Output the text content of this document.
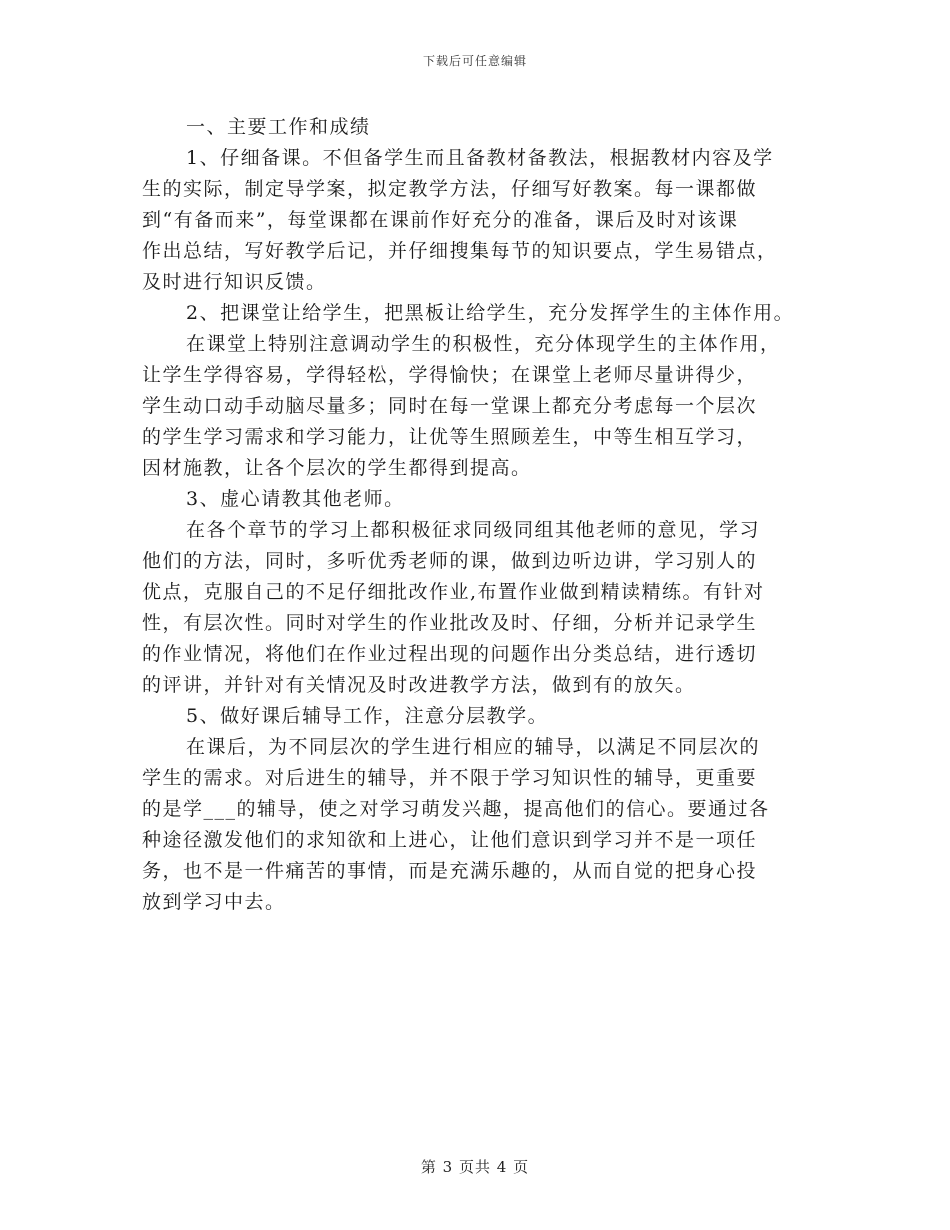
下载后可任意编辑
一、主要工作和成绩
1、仔细备课。不但备学生而且备教材备教法，根据教材内容及学
生的实际，制定导学案，拟定教学方法，仔细写好教案。每一课都做
到“有备而来”，每堂课都在课前作好充分的准备，课后及时对该课
作出总结，写好教学后记，并仔细搜集每节的知识要点，学生易错点，
及时进行知识反馈。
2、把课堂让给学生，把黑板让给学生，充分发挥学生的主体作用。
在课堂上特别注意调动学生的积极性，充分体现学生的主体作用，
让学生学得容易，学得轻松，学得愉快；在课堂上老师尽量讲得少，
学生动口动手动脑尽量多；同时在每一堂课上都充分考虑每一个层次
的学生学习需求和学习能力，让优等生照顾差生，中等生相互学习，
因材施教，让各个层次的学生都得到提高。
3、虚心请教其他老师。
在各个章节的学习上都积极征求同级同组其他老师的意见，学习
他们的方法，同时，多听优秀老师的课，做到边听边讲，学习别人的
优点，克服自己的不足仔细批改作业,布置作业做到精读精练。有针对
性，有层次性。同时对学生的作业批改及时、仔细，分析并记录学生
的作业情况，将他们在作业过程出现的问题作出分类总结，进行透切
的评讲，并针对有关情况及时改进教学方法，做到有的放矢。
5、做好课后辅导工作，注意分层教学。
在课后，为不同层次的学生进行相应的辅导，以满足不同层次的
学生的需求。对后进生的辅导，并不限于学习知识性的辅导，更重要
的是学___的辅导，使之对学习萌发兴趣，提高他们的信心。要通过各
种途径激发他们的求知欲和上进心，让他们意识到学习并不是一项任
务，也不是一件痛苦的事情，而是充满乐趣的，从而自觉的把身心投
放到学习中去。
第 3 页共 4 页
